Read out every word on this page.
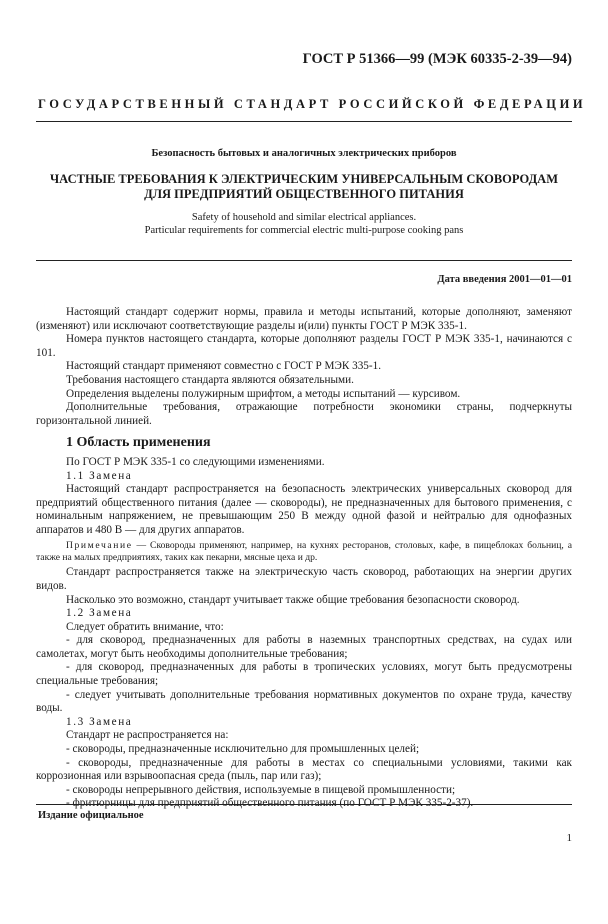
ГОСТ Р 51366—99 (МЭК 60335-2-39—94)
ГОСУДАРСТВЕННЫЙ СТАНДАРТ РОССИЙСКОЙ ФЕДЕРАЦИИ
Безопасность бытовых и аналогичных электрических приборов
ЧАСТНЫЕ ТРЕБОВАНИЯ К ЭЛЕКТРИЧЕСКИМ УНИВЕРСАЛЬНЫМ СКОВОРОДАМ
ДЛЯ ПРЕДПРИЯТИЙ ОБЩЕСТВЕННОГО ПИТАНИЯ
Safety of household and similar electrical appliances.
Particular requirements for commercial electric multi-purpose cooking pans
Дата введения 2001—01—01

Настоящий стандарт содержит нормы, правила и методы испытаний, которые дополняют, заменяют (изменяют) или исключают соответствующие разделы и(или) пункты ГОСТ Р МЭК 335-1.

Номера пунктов настоящего стандарта, которые дополняют разделы ГОСТ Р МЭК 335-1, начинаются с 101.

Настоящий стандарт применяют совместно с ГОСТ Р МЭК 335-1.

Требования настоящего стандарта являются обязательными.

Определения выделены полужирным шрифтом, а методы испытаний — курсивом.

Дополнительные требования, отражающие потребности экономики страны, подчеркнуты горизонтальной линией.

1 Область применения

По ГОСТ Р МЭК 335-1 со следующими изменениями.

1.1 Замена

Настоящий стандарт распространяется на безопасность электрических универсальных сковород для предприятий общественного питания (далее — сковороды), не предназначенных для бытового применения, с номинальным напряжением, не превышающим 250 В между одной фазой и нейтралью для однофазных аппаратов и 480 В — для других аппаратов.

Примечание — Сковороды применяют, например, на кухнях ресторанов, столовых, кафе, в пищеблоках больниц, а также на малых предприятиях, таких как пекарни, мясные цеха и др.

Стандарт распространяется также на электрическую часть сковород, работающих на энергии других видов.

Насколько это возможно, стандарт учитывает также общие требования безопасности сковород.

1.2 Замена

Следует обратить внимание, что:

- для сковород, предназначенных для работы в наземных транспортных средствах, на судах или самолетах, могут быть необходимы дополнительные требования;

- для сковород, предназначенных для работы в тропических условиях, могут быть предусмотрены специальные требования;

- следует учитывать дополнительные требования нормативных документов по охране труда, качеству воды.

1.3 Замена

Стандарт не распространяется на:

- сковороды, предназначенные исключительно для промышленных целей;

- сковороды, предназначенные для работы в местах со специальными условиями, такими как коррозионная или взрывоопасная среда (пыль, пар или газ);

- сковороды непрерывного действия, используемые в пищевой промышленности;

- фритюрницы для предприятий общественного питания (по ГОСТ Р МЭК 335-2-37).

Издание официальное
1
